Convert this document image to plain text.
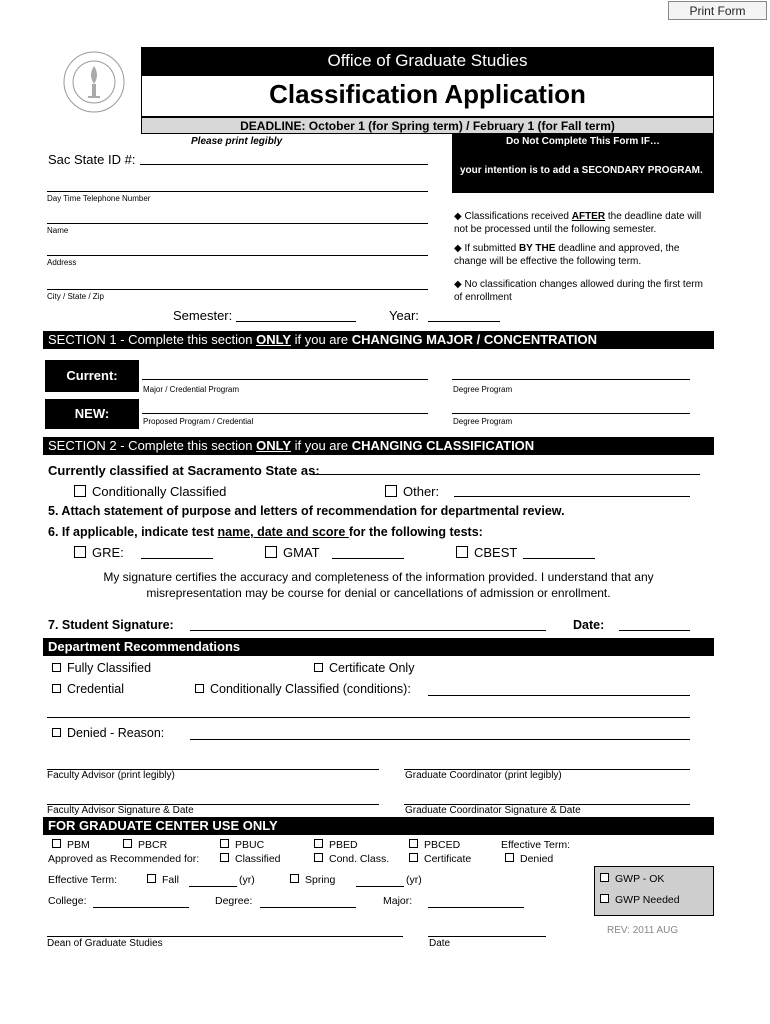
Print Form
Office of Graduate Studies
Classification Application
DEADLINE: October 1 (for Spring term) / February 1 (for Fall term)
Please print legibly	Do Not Complete This Form IF…
your intention is to add a SECONDARY PROGRAM.
◆ Classifications received AFTER the deadline date will not be processed until the following semester.
◆ If submitted BY THE deadline and approved, the change will be effective the following term.
◆ No classification changes allowed during the first term of enrollment
Sac State ID #:
Day Time Telephone Number
Name
Address
City / State / Zip
Semester:	Year:
SECTION 1 - Complete this section ONLY if you are CHANGING MAJOR / CONCENTRATION
Current:
Major / Credential Program	Degree Program
NEW:
Proposed Program / Credential	Degree Program
SECTION 2 - Complete this section ONLY if you are CHANGING CLASSIFICATION
Currently classified at Sacramento State as:
Conditionally Classified	Other:
5. Attach statement of purpose and letters of recommendation for departmental review.
6. If applicable, indicate test name, date and score for the following tests:
GRE:	GMAT	CBEST
My signature certifies the accuracy and completeness of the information provided. I understand that any
misrepresentation may be course for denial or cancellations of admission or enrollment.
7. Student Signature:	Date:
Department Recommendations
Fully Classified	Certificate Only
Credential	Conditionally Classified (conditions):
Denied - Reason:
Faculty Advisor (print legibly)	Graduate Coordinator (print legibly)
Faculty Advisor Signature & Date	Graduate Coordinator Signature & Date
FOR GRADUATE CENTER USE ONLY
PBM	PBCR	PBUC	PBED	PBCED	Effective Term:
Approved as Recommended for:	Classified	Cond. Class.	Certificate	Denied
Effective Term:	Fall	(yr)	Spring	(yr)
College:	Degree:	Major:
GWP - OK
GWP Needed
REV: 2011 AUG
Dean of Graduate Studies	Date
